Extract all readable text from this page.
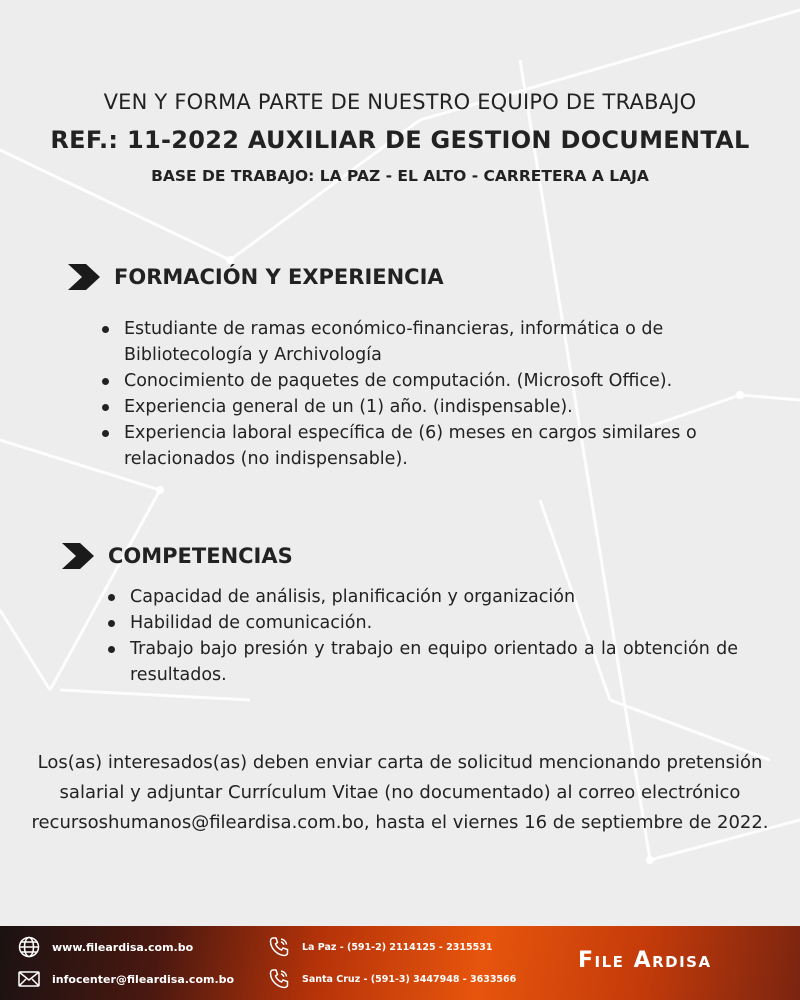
VEN Y FORMA PARTE DE NUESTRO EQUIPO DE TRABAJO
REF.: 11-2022 AUXILIAR DE GESTION DOCUMENTAL
BASE DE TRABAJO: LA PAZ - EL ALTO - CARRETERA A LAJA
FORMACIÓN Y EXPERIENCIA
Estudiante de ramas económico-financieras, informática o de Bibliotecología y Archivología
Conocimiento de paquetes de computación. (Microsoft Office).
Experiencia general de un (1) año. (indispensable).
Experiencia laboral específica de (6) meses en cargos similares o relacionados (no indispensable).
COMPETENCIAS
Capacidad de análisis, planificación y organización
Habilidad de comunicación.
Trabajo bajo presión y trabajo en equipo orientado a la obtención de resultados.
Los(as) interesados(as) deben enviar carta de solicitud mencionando pretensión salarial y adjuntar Currículum Vitae (no documentado) al correo electrónico recursoshumanos@fileardisa.com.bo, hasta el viernes 16 de septiembre de 2022.
www.fileardisa.com.bo
infocenter@fileardisa.com.bo
La Paz - (591-2) 2114125 - 2315531
Santa Cruz - (591-3) 3447948 - 3633566
File Ardisa
